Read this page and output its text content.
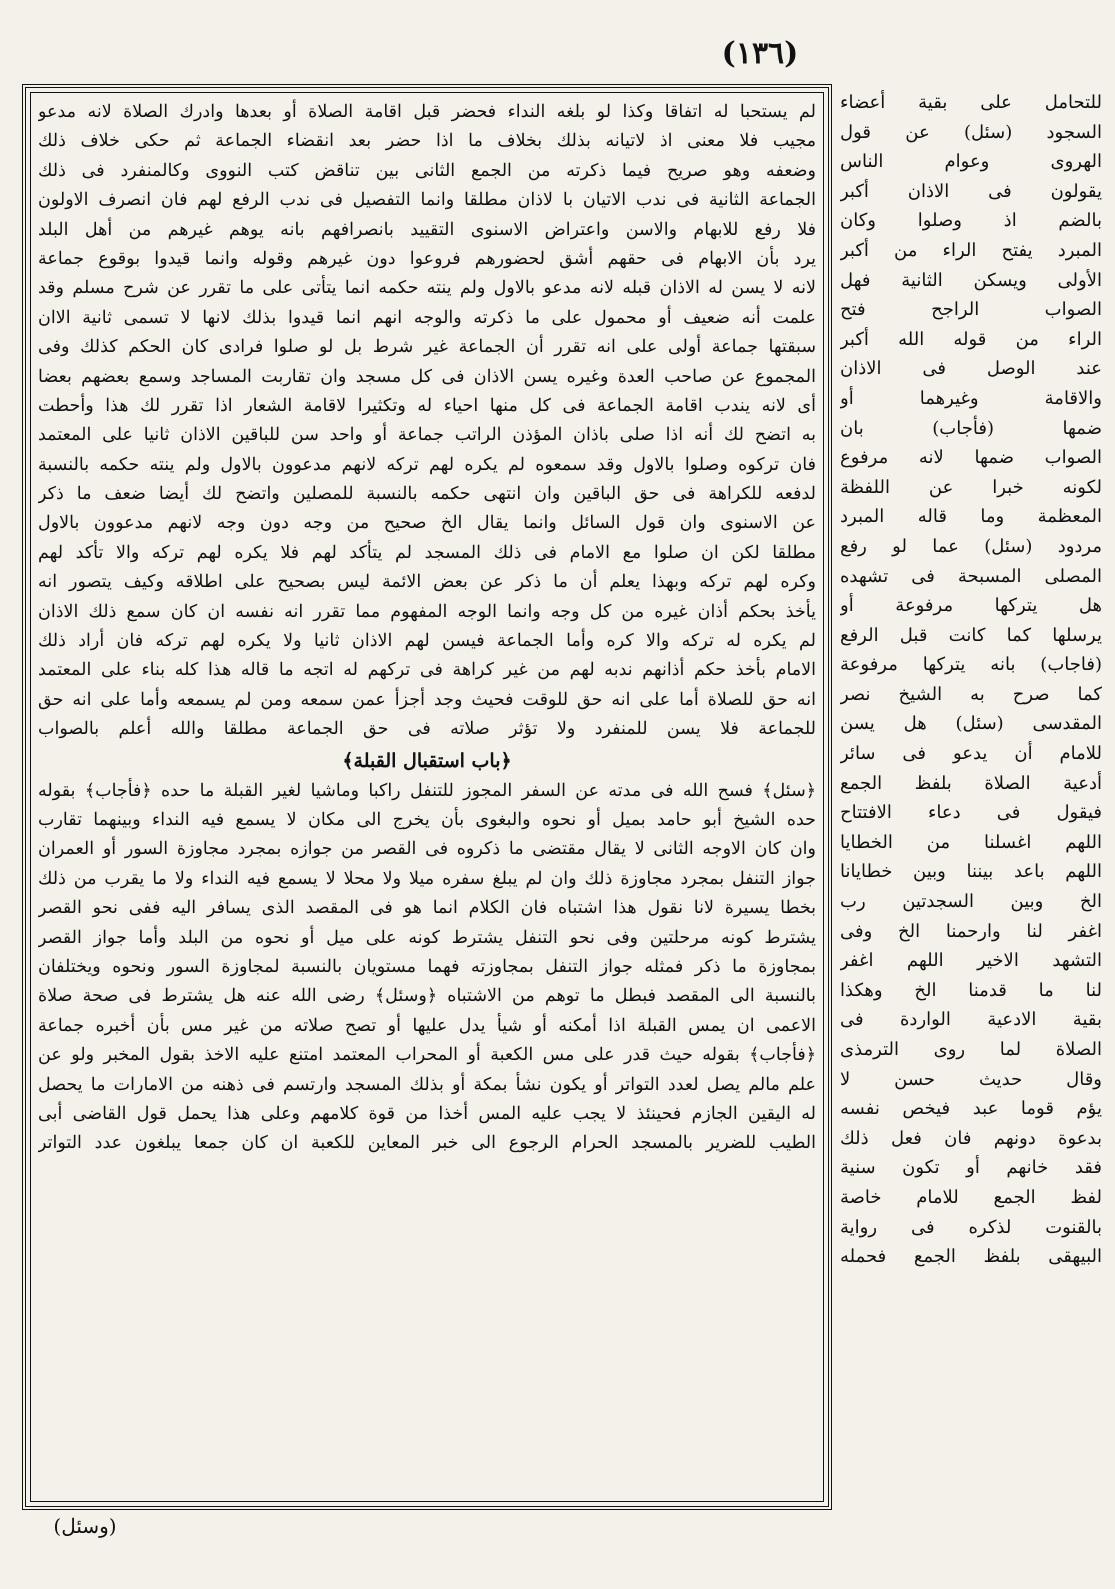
(١٣٦)
للتحامل على بقية أعضاء
السجود (سئل) عن قول
الهروى وعوام الناس
يقولون فى الاذان أكبر
بالضم اذ وصلوا وكان
المبرد يفتح الراء من أكبر
الأولى ويسكن الثانية فهل
الصواب الراجح فتح
الراء من قوله الله أكبر
عند الوصل فى الاذان
والاقامة وغيرهما أو
ضمها (فأجاب) بان
الصواب ضمها لانه مرفوع
لكونه خبرا عن اللفظة
المعظمة وما قاله المبرد
مردود (سئل) عما لو رفع
المصلى المسبحة فى تشهده
هل يتركها مرفوعة أو
يرسلها كما كانت قبل الرفع
(فاجاب) بانه يتركها مرفوعة
كما صرح به الشيخ نصر
المقدسى (سئل) هل يسن
للامام أن يدعو فى سائر
أدعية الصلاة بلفظ الجمع
فيقول فى دعاء الافتتاح
اللهم اغسلنا من الخطايا
اللهم باعد بيننا وبين خطايانا
الخ وبين السجدتين رب
اغفر لنا وارحمنا الخ وفى
التشهد الاخير اللهم اغفر
لنا ما قدمنا الخ وهكذا
بقية الادعية الواردة فى
الصلاة لما روى الترمذى
وقال حديث حسن لا
يؤم قوما عبد فيخص نفسه
بدعوة دونهم فان فعل ذلك
فقد خانهم أو تكون سنية
لفظ الجمع للامام خاصة
بالقنوت لذكره فى رواية
البيهقى بلفظ الجمع فحمله
لم يستحبا له اتفاقا وكذا لو بلغه النداء فحضر قبل اقامة الصلاة أو بعدها وادرك الصلاة لانه مدعو
مجيب فلا معنى اذ لاتيانه بذلك بخلاف ما اذا حضر بعد انقضاء الجماعة ثم حكى خلاف ذلك
وضعفه وهو صريح فيما ذكرته من الجمع الثانى بين تناقض كتب النووى وكالمنفرد فى ذلك
الجماعة الثانية فى ندب الاتيان با لاذان مطلقا وانما التفصيل فى ندب الرفع لهم فان انصرف الاولون
فلا رفع للابهام والاسن واعتراض الاسنوى التقييد بانصرافهم بانه يوهم غيرهم من أهل البلد
يرد بأن الابهام فى حقهم أشق لحضورهم فروعوا دون غيرهم وقوله وانما قيدوا بوقوع جماعة
لانه لا يسن له الاذان قبله لانه مدعو بالاول ولم ينته حكمه انما يتأتى على ما تقرر عن شرح مسلم وقد
علمت أنه ضعيف أو محمول على ما ذكرته والوجه انهم انما قيدوا بذلك لانها لا تسمى ثانية الاان
سبقتها جماعة أولى على انه تقرر أن الجماعة غير شرط بل لو صلوا فرادى كان الحكم كذلك وفى
المجموع عن صاحب العدة وغيره يسن الاذان فى كل مسجد وان تقاربت المساجد وسمع بعضهم بعضا
أى لانه يندب اقامة الجماعة فى كل منها احياء له وتكثيرا لاقامة الشعار اذا تقرر لك هذا وأحطت
به اتضح لك أنه اذا صلى باذان المؤذن الراتب جماعة أو واحد سن للباقين الاذان ثانيا على المعتمد
فان تركوه وصلوا بالاول وقد سمعوه لم يكره لهم تركه لانهم مدعوون بالاول ولم ينته حكمه بالنسبة
لدفعه للكراهة فى حق الباقين وان انتهى حكمه بالنسبة للمصلين واتضح لك أيضا ضعف ما ذكر
عن الاسنوى وان قول السائل وانما يقال الخ صحيح من وجه دون وجه لانهم مدعوون بالاول
مطلقا لكن ان صلوا مع الامام فى ذلك المسجد لم يتأكد لهم فلا يكره لهم تركه والا تأكد لهم
وكره لهم تركه وبهذا يعلم أن ما ذكر عن بعض الائمة ليس بصحيح على اطلاقه وكيف يتصور انه
يأخذ بحكم أذان غيره من كل وجه وانما الوجه المفهوم مما تقرر انه نفسه ان كان سمع ذلك الاذان
لم يكره له تركه والا كره وأما الجماعة فيسن لهم الاذان ثانيا ولا يكره لهم تركه فان أراد ذلك
الامام بأخذ حكم أذانهم ندبه لهم من غير كراهة فى تركهم له اتجه ما قاله هذا كله بناء على المعتمد
انه حق للصلاة أما على انه حق للوقت فحيث وجد أجزأ عمن سمعه ومن لم يسمعه وأما على انه حق
للجماعة فلا يسن للمنفرد ولا تؤثر صلاته فى حق الجماعة مطلقا والله أعلم بالصواب
﴿باب استقبال القبلة﴾
﴿سئل﴾ فسح الله فى مدته عن السفر المجوز للتنفل راكبا وماشيا لغير القبلة ما حده ﴿فأجاب﴾ بقوله
حده الشيخ أبو حامد بميل أو نحوه والبغوى بأن يخرج الى مكان لا يسمع فيه النداء وبينهما تقارب
وان كان الاوجه الثانى لا يقال مقتضى ما ذكروه فى القصر من جوازه بمجرد مجاوزة السور أو العمران
جواز التنفل بمجرد مجاوزة ذلك وان لم يبلغ سفره ميلا ولا محلا لا يسمع فيه النداء ولا ما يقرب من ذلك
بخطا يسيرة لانا نقول هذا اشتباه فان الكلام انما هو فى المقصد الذى يسافر اليه ففى نحو القصر
يشترط كونه مرحلتين وفى نحو التنفل يشترط كونه على ميل أو نحوه من البلد وأما جواز القصر
بمجاوزة ما ذكر فمثله جواز التنفل بمجاوزته فهما مستويان بالنسبة لمجاوزة السور ونحوه ويختلفان
بالنسبة الى المقصد فبطل ما توهم من الاشتباه ﴿وسئل﴾ رضى الله عنه هل يشترط فى صحة صلاة
الاعمى ان يمس القبلة اذا أمكنه أو شيأ يدل عليها أو تصح صلاته من غير مس بأن أخبره جماعة
﴿فأجاب﴾ بقوله حيث قدر على مس الكعبة أو المحراب المعتمد امتنع عليه الاخذ بقول المخبر ولو عن
علم مالم يصل لعدد التواتر أو يكون نشأ بمكة أو بذلك المسجد وارتسم فى ذهنه من الامارات ما يحصل
له اليقين الجازم فحينئذ لا يجب عليه المس أخذا من قوة كلامهم وعلى هذا يحمل قول القاضى أبى
الطيب للضرير بالمسجد الحرام الرجوع الى خبر المعاين للكعبة ان كان جمعا يبلغون عدد التواتر
(وسئل)
